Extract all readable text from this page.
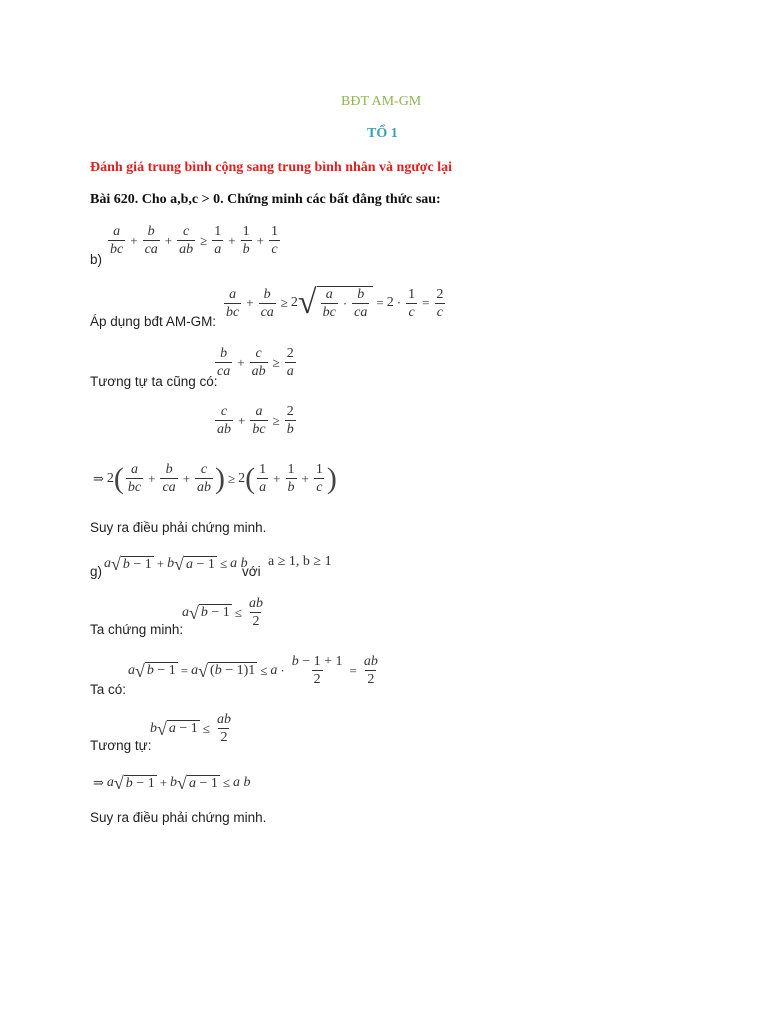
BĐT AM-GM
TỔ 1
Đánh giá trung bình cộng sang trung bình nhân và ngược lại
Bài 620. Cho a,b,c > 0. Chứng minh các bất đẳng thức sau:
b)
$\frac{a}{bc} + \frac{b}{ca} + \frac{c}{ab} \ge \frac{1}{a} + \frac{1}{b} + \frac{1}{c}$
Áp dụng bđt AM-GM:
$\frac{a}{bc} + \frac{b}{ca} \ge 2$ √ $\frac{a}{bc} \cdot \frac{b}{ca} = 2 \cdot \frac{1}{c} = \frac{2}{c}$
Tương tự ta cũng có:
$\frac{b}{ca} + \frac{c}{ab} \ge \frac{2}{a}$
$\frac{c}{ab} + \frac{a}{bc} \ge \frac{2}{b}$
⇒ 2 ( $\frac{a}{bc} + \frac{b}{ca} + \frac{c}{ab}$ ) ≥ 2 ( $\frac{1}{a} + \frac{1}{b} + \frac{1}{c}$ )
Suy ra điều phải chứng minh.
g)
a √ b − 1 + b √ a − 1 ≤ a b
với
a ≥ 1, b ≥ 1
Ta chứng minh:
a √ $b - 1 \le \frac{ab}{2}$
Ta có:
a √ b − 1 = a √ $(b - 1)1 \le a \cdot \frac{b - 1 + 1}{2} = \frac{ab}{2}$
Tương tự:
b √ $a - 1 \le \frac{ab}{2}$
⇒ a √ b − 1 + b √ a − 1 ≤ a b
Suy ra điều phải chứng minh.
